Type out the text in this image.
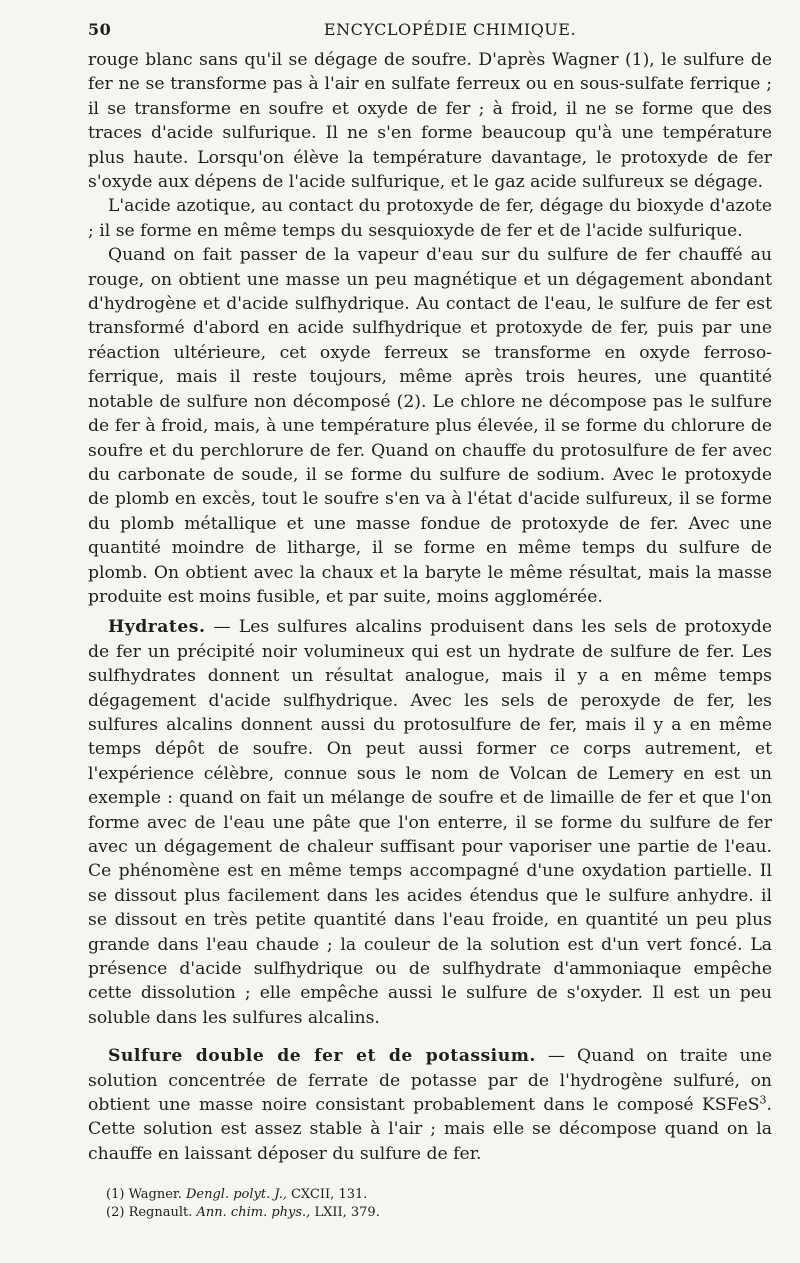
50	ENCYCLOPÉDIE CHIMIQUE.

rouge blanc sans qu'il se dégage de soufre. D'après Wagner (1), le sulfure de fer ne se transforme pas à l'air en sulfate ferreux ou en sous-sulfate ferrique ; il se transforme en soufre et oxyde de fer ; à froid, il ne se forme que des traces d'acide sulfurique. Il ne s'en forme beaucoup qu'à une température plus haute. Lorsqu'on élève la température davantage, le protoxyde de fer s'oxyde aux dépens de l'acide sulfurique, et le gaz acide sulfureux se dégage.

L'acide azotique, au contact du protoxyde de fer, dégage du bioxyde d'azote ; il se forme en même temps du sesquioxyde de fer et de l'acide sulfurique.

Quand on fait passer de la vapeur d'eau sur du sulfure de fer chauffé au rouge, on obtient une masse un peu magnétique et un dégagement abondant d'hydrogène et d'acide sulfhydrique. Au contact de l'eau, le sulfure de fer est transformé d'abord en acide sulfhydrique et protoxyde de fer, puis par une réaction ultérieure, cet oxyde ferreux se transforme en oxyde ferroso-ferrique, mais il reste toujours, même après trois heures, une quantité notable de sulfure non décomposé (2). Le chlore ne décompose pas le sulfure de fer à froid, mais, à une température plus élevée, il se forme du chlorure de soufre et du perchlorure de fer. Quand on chauffe du protosulfure de fer avec du carbonate de soude, il se forme du sulfure de sodium. Avec le protoxyde de plomb en excès, tout le soufre s'en va à l'état d'acide sulfureux, il se forme du plomb métallique et une masse fondue de protoxyde de fer. Avec une quantité moindre de litharge, il se forme en même temps du sulfure de plomb. On obtient avec la chaux et la baryte le même résultat, mais la masse produite est moins fusible, et par suite, moins agglomérée.

Hydrates. — Les sulfures alcalins produisent dans les sels de protoxyde de fer un précipité noir volumineux qui est un hydrate de sulfure de fer. Les sulfhydrates donnent un résultat analogue, mais il y a en même temps dégagement d'acide sulfhydrique. Avec les sels de peroxyde de fer, les sulfures alcalins donnent aussi du protosulfure de fer, mais il y a en même temps dépôt de soufre. On peut aussi former ce corps autrement, et l'expérience célèbre, connue sous le nom de Volcan de Lemery en est un exemple : quand on fait un mélange de soufre et de limaille de fer et que l'on forme avec de l'eau une pâte que l'on enterre, il se forme du sulfure de fer avec un dégagement de chaleur suffisant pour vaporiser une partie de l'eau. Ce phénomène est en même temps accompagné d'une oxydation partielle. Il se dissout plus facilement dans les acides étendus que le sulfure anhydre. il se dissout en très petite quantité dans l'eau froide, en quantité un peu plus grande dans l'eau chaude ; la couleur de la solution est d'un vert foncé. La présence d'acide sulfhydrique ou de sulfhydrate d'ammoniaque empêche cette dissolution ; elle empêche aussi le sulfure de s'oxyder. Il est un peu soluble dans les sulfures alcalins.

Sulfure double de fer et de potassium. — Quand on traite une solution concentrée de ferrate de potasse par de l'hydrogène sulfuré, on obtient une masse noire consistant probablement dans le composé KSFeS$^3$. Cette solution est assez stable à l'air ; mais elle se décompose quand on la chauffe en laissant déposer du sulfure de fer.

(1) Wagner. Dengl. polyt. J., CXCII, 131.
(2) Regnault. Ann. chim. phys., LXII, 379.
